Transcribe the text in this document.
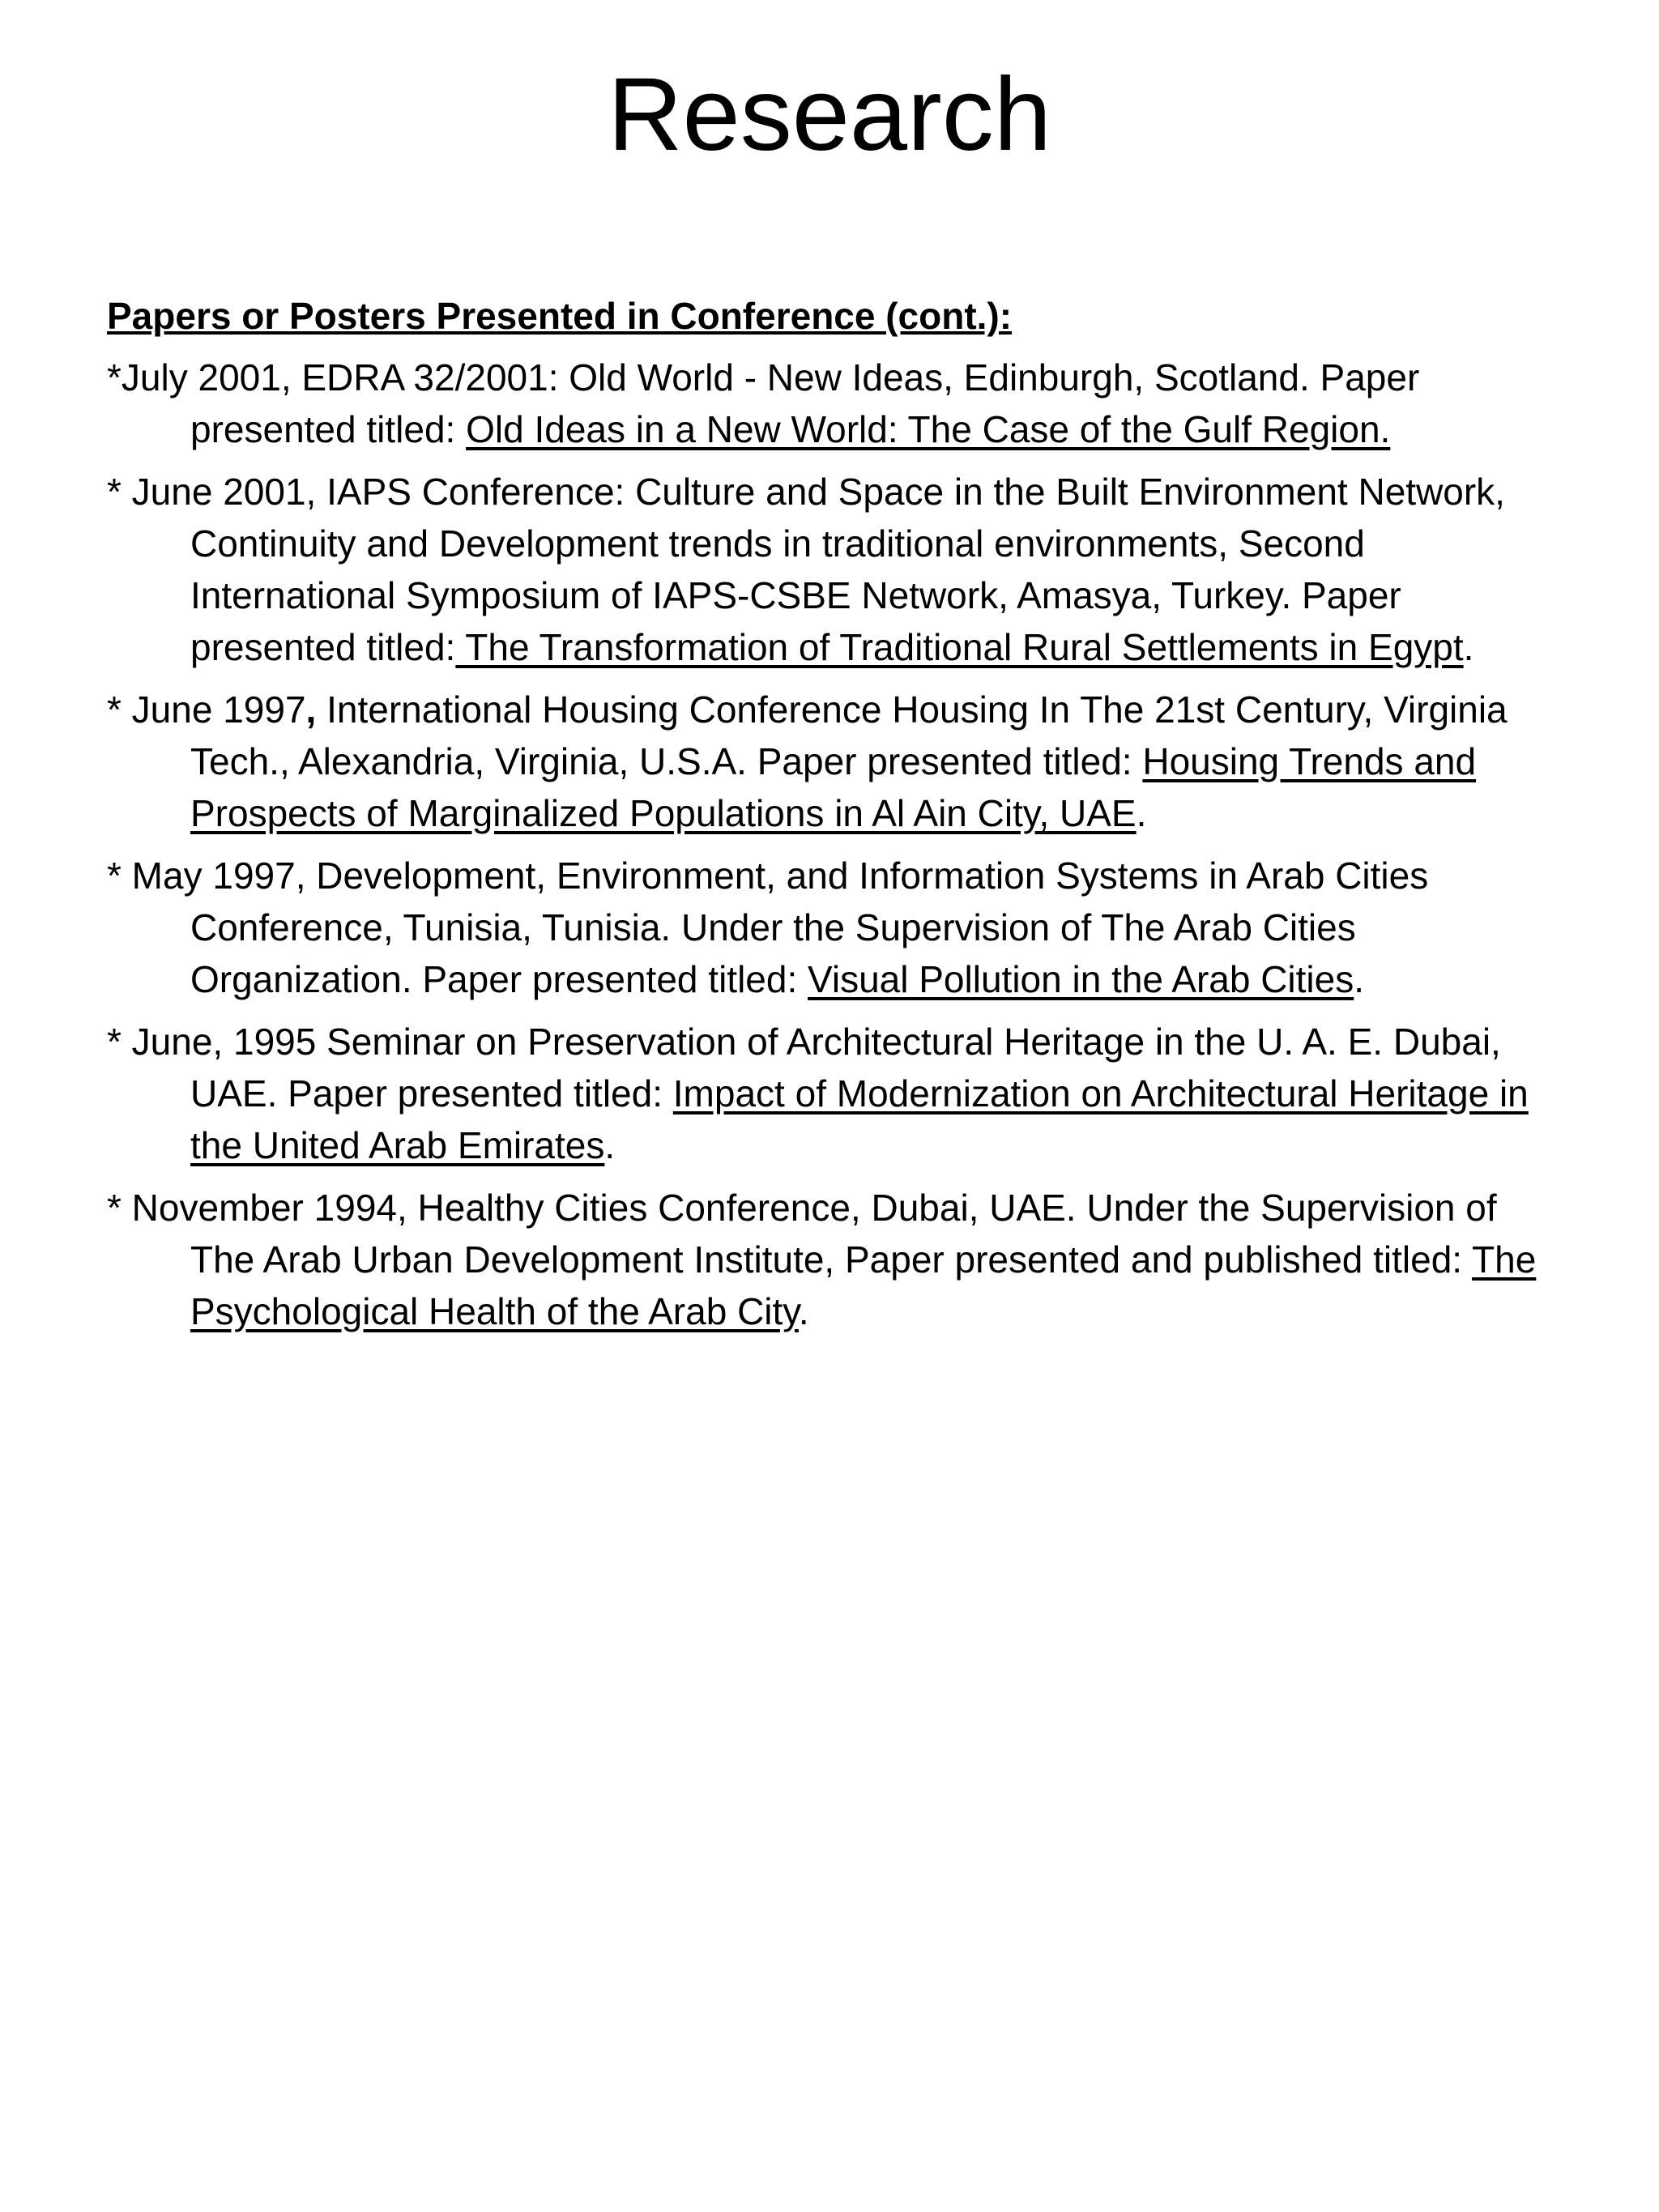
Research

Papers or Posters Presented in Conference (cont.):

*July 2001, EDRA 32/2001: Old World - New Ideas, Edinburgh, Scotland. Paper presented titled: Old Ideas in a New World: The Case of the Gulf Region.

* June 2001, IAPS Conference: Culture and Space in the Built Environment Network, Continuity and Development trends in traditional environments, Second International Symposium of IAPS-CSBE Network, Amasya, Turkey. Paper presented titled: The Transformation of Traditional Rural Settlements in Egypt.

* June 1997, International Housing Conference Housing In The 21st Century, Virginia Tech., Alexandria, Virginia, U.S.A. Paper presented titled: Housing Trends and Prospects of Marginalized Populations in Al Ain City, UAE.

* May 1997, Development, Environment, and Information Systems in Arab Cities Conference, Tunisia, Tunisia. Under the Supervision of The Arab Cities Organization. Paper presented titled: Visual Pollution in the Arab Cities.

* June, 1995 Seminar on Preservation of Architectural Heritage in the U. A. E. Dubai, UAE. Paper presented titled: Impact of Modernization on Architectural Heritage in the United Arab Emirates.

* November 1994, Healthy Cities Conference, Dubai, UAE. Under the Supervision of The Arab Urban Development Institute, Paper presented and published titled: The Psychological Health of the Arab City.
